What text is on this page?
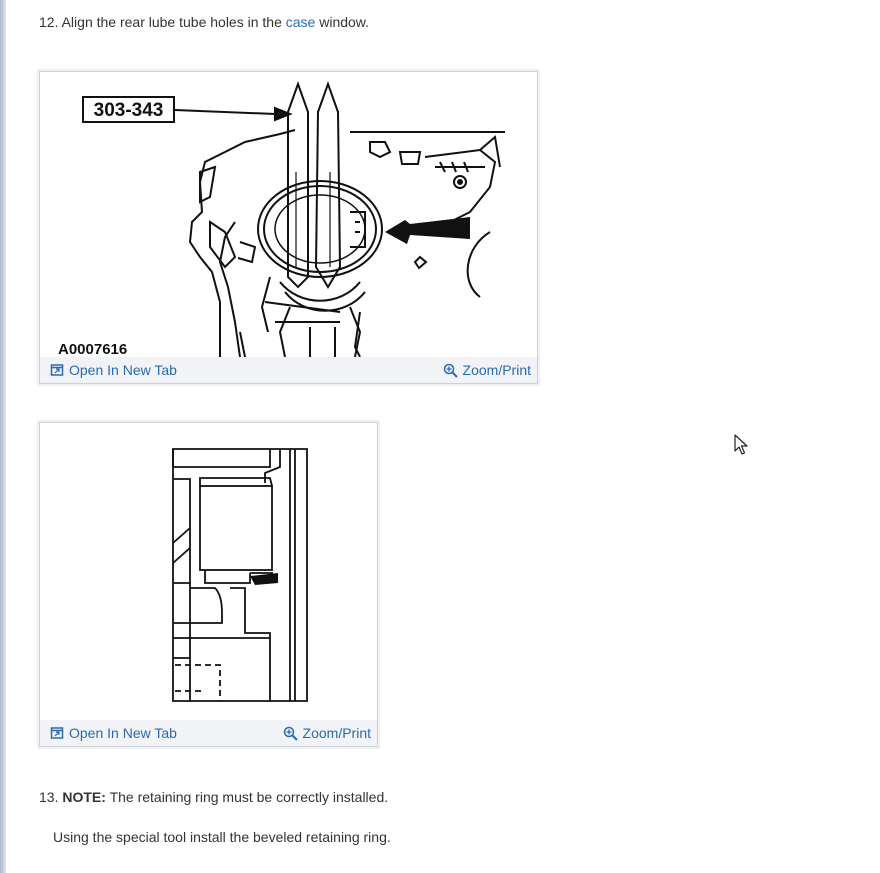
12. Align the rear lube tube holes in the case window.
303-343
A0007616
Open In New Tab	Zoom/Print
Open In New Tab	Zoom/Print
13. NOTE: The retaining ring must be correctly installed.
Using the special tool install the beveled retaining ring.
